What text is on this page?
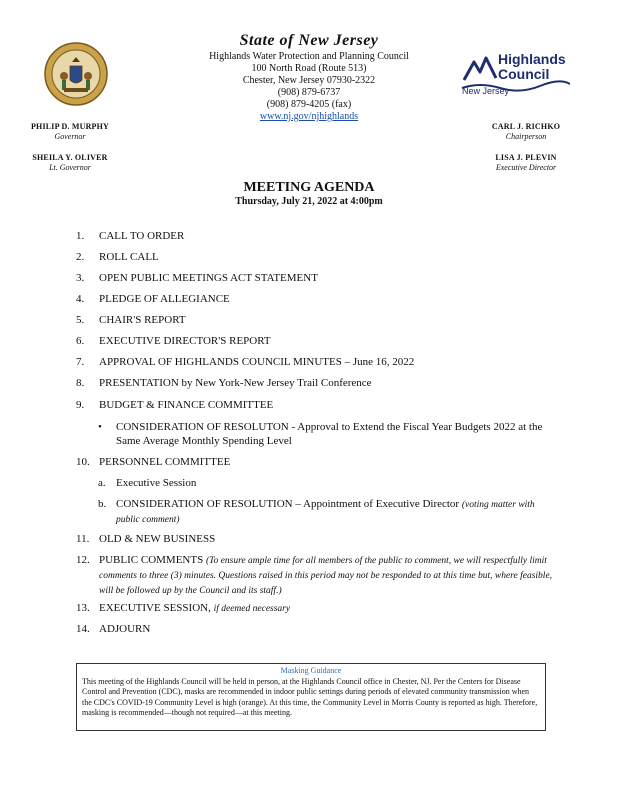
State of New Jersey
Highlands Water Protection and Planning Council
100 North Road (Route 513)
Chester, New Jersey 07930-2322
(908) 879-6737
(908) 879-4205 (fax)
www.nj.gov/njhighlands
Highlands
Council
New Jersey
PHILIP D. MURPHY
Governor
SHEILA Y. OLIVER
Lt. Governor
CARL J. RICHKO
Chairperson
LISA J. PLEVIN
Executive Director
MEETING AGENDA
Thursday, July 21, 2022 at 4:00pm
1.	CALL TO ORDER
2.	ROLL CALL
3.	OPEN PUBLIC MEETINGS ACT STATEMENT
4.	PLEDGE OF ALLEGIANCE
5.	CHAIR'S REPORT
6.	EXECUTIVE DIRECTOR'S REPORT
7.	APPROVAL OF HIGHLANDS COUNCIL MINUTES – June 16, 2022
8.	PRESENTATION by New York-New Jersey Trail Conference
9.	BUDGET & FINANCE COMMITTEE
•	CONSIDERATION OF RESOLUTON - Approval to Extend the Fiscal Year Budgets 2022 at the Same Average Monthly Spending Level
10. PERSONNEL COMMITTEE
a. Executive Session
b. CONSIDERATION OF RESOLUTION – Appointment of Executive Director (voting matter with public comment)
11. OLD & NEW BUSINESS
12. PUBLIC COMMENTS (To ensure ample time for all members of the public to comment, we will respectfully limit comments to three (3) minutes. Questions raised in this period may not be responded to at this time but, where feasible, will be followed up by the Council and its staff.)
13. EXECUTIVE SESSION, if deemed necessary
14. ADJOURN
Masking Guidance
This meeting of the Highlands Council will be held in person, at the Highlands Council office in Chester, NJ. Per the Centers for Disease Control and Prevention (CDC), masks are recommended in indoor public settings during periods of elevated community transmission when the CDC's COVID-19 Community Level is high (orange). At this time, the Community Level in Morris County is reported as high. Therefore, masking is recommended—though not required—at this meeting.
